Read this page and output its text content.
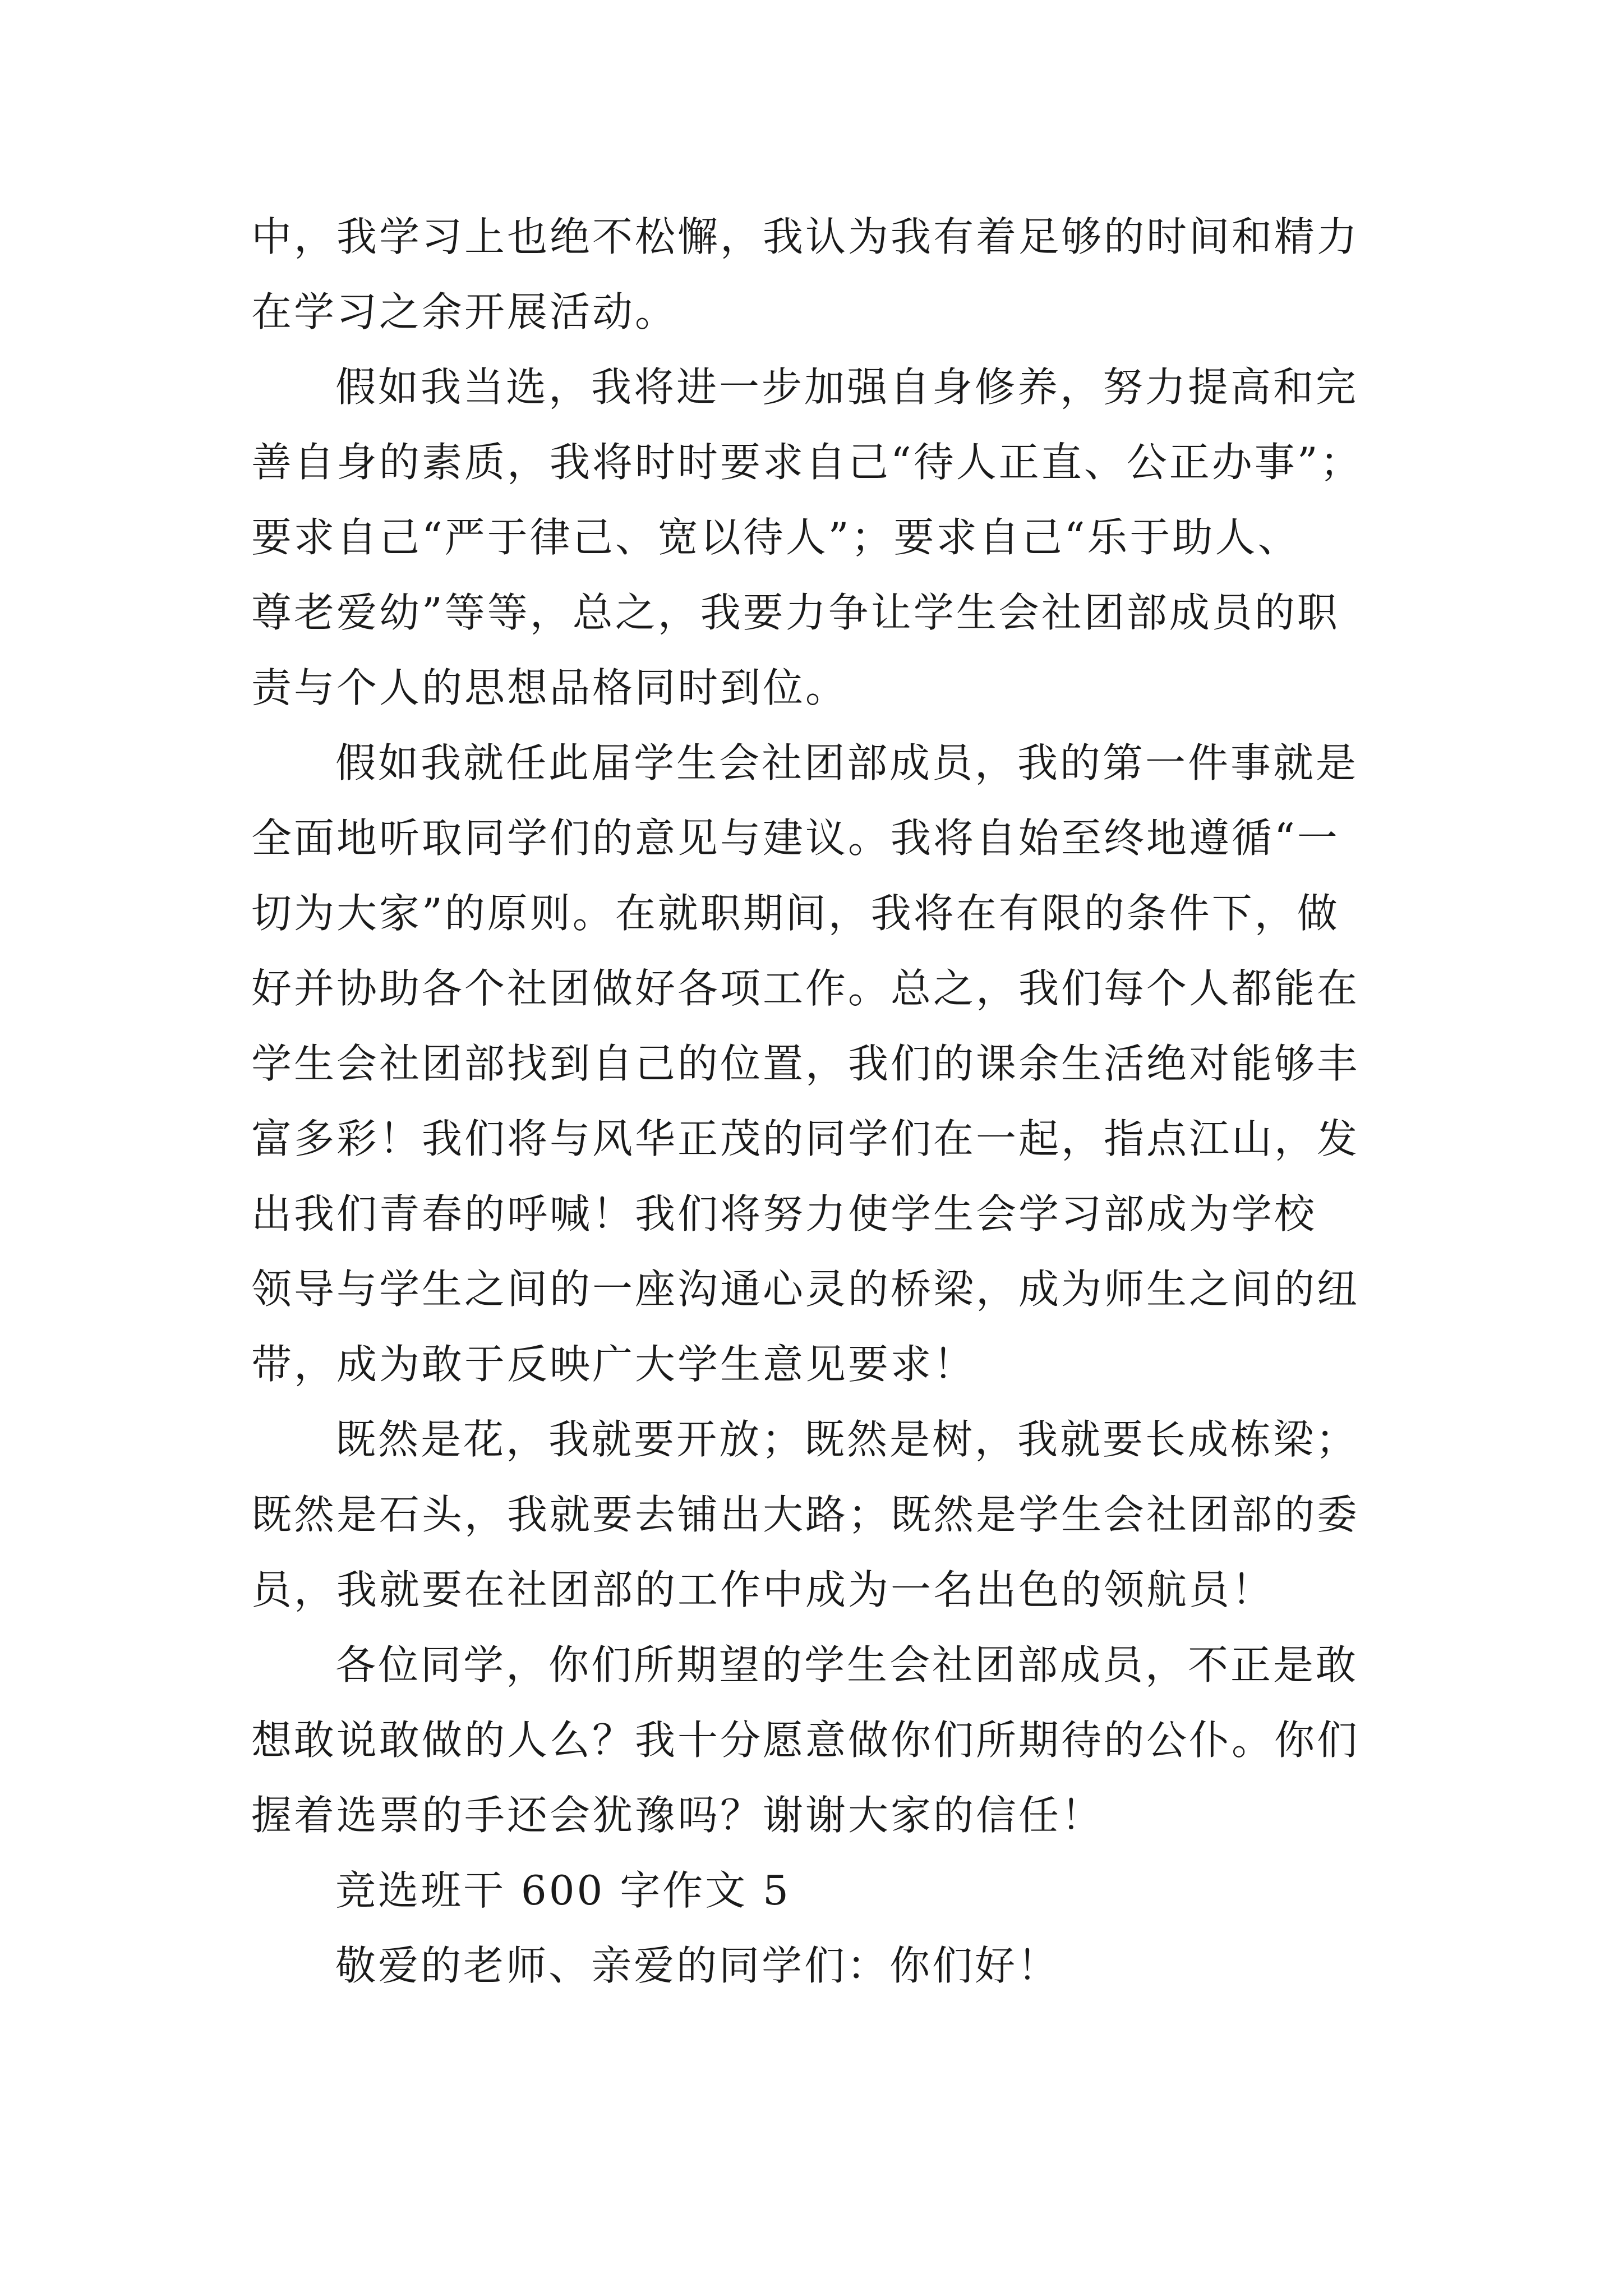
中，我学习上也绝不松懈，我认为我有着足够的时间和精力
在学习之余开展活动。
假如我当选，我将进一步加强自身修养，努力提高和完
善自身的素质，我将时时要求自己“待人正直、公正办事”；
要求自己“严于律己、宽以待人”；要求自己“乐于助人、
尊老爱幼”等等，总之，我要力争让学生会社团部成员的职
责与个人的思想品格同时到位。
假如我就任此届学生会社团部成员，我的第一件事就是
全面地听取同学们的意见与建议。我将自始至终地遵循“一
切为大家”的原则。在就职期间，我将在有限的条件下，做
好并协助各个社团做好各项工作。总之，我们每个人都能在
学生会社团部找到自己的位置，我们的课余生活绝对能够丰
富多彩！我们将与风华正茂的同学们在一起，指点江山，发
出我们青春的呼喊！我们将努力使学生会学习部成为学校
领导与学生之间的一座沟通心灵的桥梁，成为师生之间的纽
带，成为敢于反映广大学生意见要求！
既然是花，我就要开放；既然是树，我就要长成栋梁；
既然是石头，我就要去铺出大路；既然是学生会社团部的委
员，我就要在社团部的工作中成为一名出色的领航员！
各位同学，你们所期望的学生会社团部成员，不正是敢
想敢说敢做的人么？我十分愿意做你们所期待的公仆。你们
握着选票的手还会犹豫吗？谢谢大家的信任！
竞选班干 600 字作文 5
敬爱的老师、亲爱的同学们：你们好！
